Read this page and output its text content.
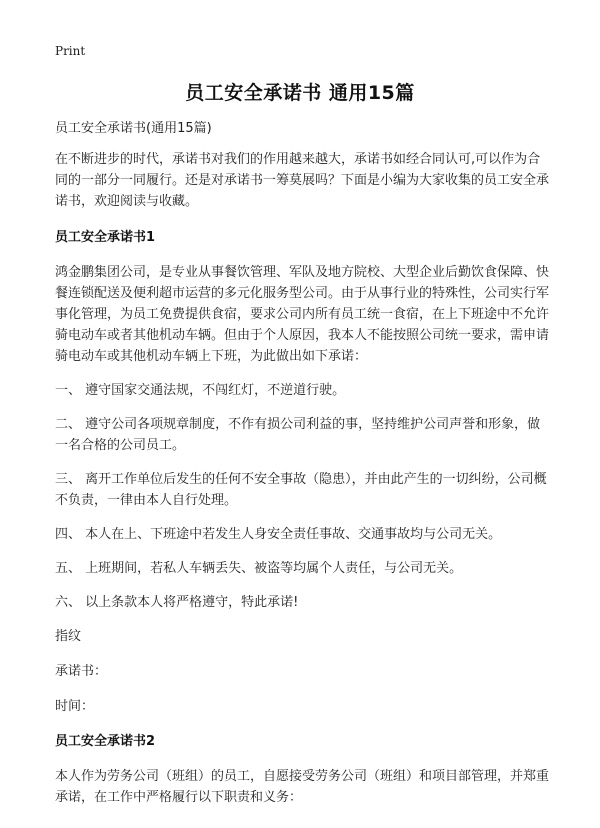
Print
员工安全承诺书 通用15篇

员工安全承诺书(通用15篇)

在不断进步的时代，承诺书对我们的作用越来越大，承诺书如经合同认可,可以作为合同的一部分一同履行。还是对承诺书一筹莫展吗？下面是小编为大家收集的员工安全承诺书，欢迎阅读与收藏。

员工安全承诺书1

鸿金鹏集团公司，是专业从事餐饮管理、军队及地方院校、大型企业后勤饮食保障、快餐连锁配送及便利超市运营的多元化服务型公司。由于从事行业的特殊性，公司实行军事化管理，为员工免费提供食宿，要求公司内所有员工统一食宿，在上下班途中不允许骑电动车或者其他机动车辆。但由于个人原因，我本人不能按照公司统一要求，需申请骑电动车或其他机动车辆上下班，为此做出如下承诺：

一、 遵守国家交通法规，不闯红灯，不逆道行驶。

二、 遵守公司各项规章制度，不作有损公司利益的事，坚持维护公司声誉和形象，做一名合格的公司员工。

三、 离开工作单位后发生的任何不安全事故（隐患），并由此产生的一切纠纷，公司概不负责，一律由本人自行处理。

四、 本人在上、下班途中若发生人身安全责任事故、交通事故均与公司无关。

五、 上班期间，若私人车辆丢失、被盗等均属个人责任，与公司无关。

六、 以上条款本人将严格遵守，特此承诺!

指纹

承诺书：

时间：

员工安全承诺书2

本人作为劳务公司（班组）的员工，自愿接受劳务公司（班组）和项目部管理，并郑重承诺，在工作中严格履行以下职责和义务：
